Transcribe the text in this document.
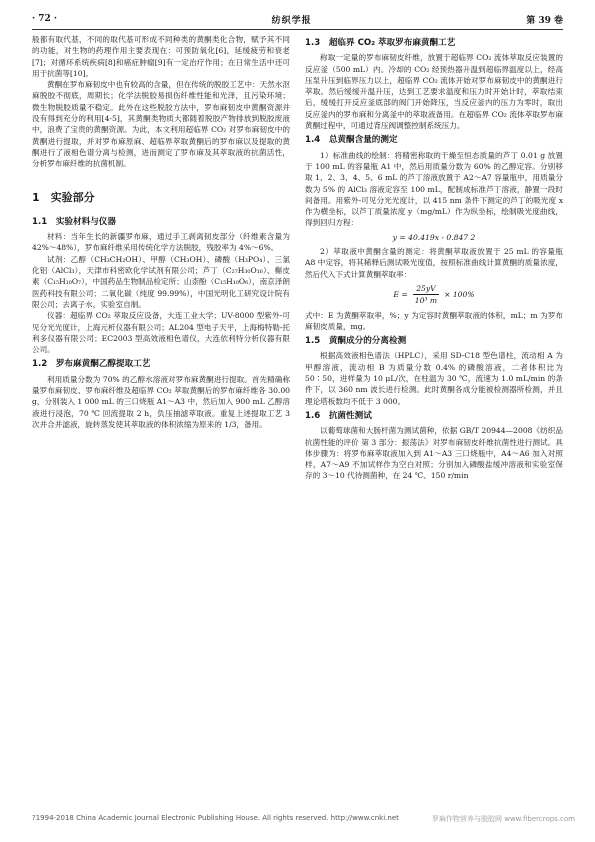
· 72 ·	纺织学报	第 39 卷

般都有取代基，不同的取代基可形成不同种类的黄酮类化合物，赋予其不同的功能，对生物的药理作用主要表现在：可预防氧化[6]，延缓疲劳和衰老[7]；对循环系统疾病[8]和癌症肿瘤[9]有一定治疗作用；在日常生活中还可用于抗菌等[10]。

黄酮在罗布麻韧皮中也有较高的含量，但在传统的脱胶工艺中：天然水沤麻脱胶不彻底，周期长；化学法脱胶易损伤纤维性能和光泽，且污染环境；微生物脱胶质量不稳定。此外在这些脱胶方法中，罗布麻韧皮中黄酮资源并没有得到充分的利用[4-5]，其黄酮类物质大都随着脱胶产物排放到脱胶废液中，浪费了宝贵的黄酮资源。为此，本文利用超临界 CO₂ 对罗布麻韧皮中的黄酮进行提取，并对罗布麻原麻、超临界萃取黄酮后的罗布麻以及提取的黄酮进行了液相色谱分离与检测，进而测定了罗布麻及其萃取液的抗菌活性，分析罗布麻纤维的抗菌机制。

1　实验部分
1.1　实验材料与仪器

材料：当年生长的新疆罗布麻，通过手工剥离韧皮部分（纤维素含量为 42%～48%），罗布麻纤维采用传统化学方法脱胶，残胶率为 4%～6%。

试剂：乙醇（CH₃CH₂OH）、甲醇（CH₃OH）、磷酸（H₃PO₄）、三氯化铝（AlCl₃），天津市科密欧化学试剂有限公司；芦丁（C₂₇H₃₀O₁₆）、槲皮素（C₁₅H₁₀O₇），中国药品生物制品检定所；山柰酚（C₁₅H₁₀O₆），南京泽朗医药科技有限公司；二氧化碳（纯度 99.99%），中国光明化工研究设计院有限公司；去离子水，实验室自制。

仪器：超临界 CO₂ 萃取反应设备，大连工业大学；UV-8000 型紫外-可见分光光度计，上海元析仪器有限公司；AL204 型电子天平，上海梅特勒-托利多仪器有限公司；EC2003 型高效液相色谱仪，大连依利特分析仪器有限公司。

1.2　罗布麻黄酮乙醇提取工艺

利用质量分数为 70% 的乙醇水溶液对罗布麻黄酮进行提取。首先精确称量罗布麻韧皮、罗布麻纤维及超临界 CO₂ 萃取黄酮后的罗布麻纤维各 30.00 g，分别装入 1 000 mL 的三口烧瓶 A1～A3 中，然后加入 900 mL 乙醇溶液进行浸泡，70 ℃ 回流提取 2 h，负压抽滤萃取液。重复上述提取工艺 3 次并合并滤液，旋转蒸发使其萃取液的体积浓缩为原来的 1/3，备用。

1.3　超临界 CO₂ 萃取罗布麻黄酮工艺

称取一定量的罗布麻韧皮纤维，放置于超临界 CO₂ 流体萃取反应装置的反应釜（500 mL）内。冷却的 CO₂ 经预热器升温到超临界温度以上，经高压泵升压到临界压力以上，超临界 CO₂ 流体开始对罗布麻韧皮中的黄酮进行萃取。然后缓缓升温升压，达到工艺要求温度和压力时开始计时，萃取结束后，缓缓打开反应釜底部的阀门开始降压，当反应釜内的压力为零时，取出反应釜内的罗布麻和分离釜中的萃取液备用。在超临界 CO₂ 流体萃取罗布麻黄酮过程中，可通过背压阀调整控制系统压力。

1.4　总黄酮含量的测定

1）标准曲线的绘制：将精密称取的干燥至恒态质量的芦丁 0.01 g 放置于 100 mL 的容量瓶 A1 中，然后用质量分数为 60% 的乙醇定容。分别移取 1、2、3、4、5、6 mL 的芦丁溶液放置于 A2～A7 容量瓶中，用质量分数为 5% 的 AlCl₃ 溶液定容至 100 mL，配制成标准芦丁溶液，静置一段时间备用。用紫外-可见分光光度计，以 415 nm 条件下测定的芦丁的吸光度 x 作为横坐标，以芦丁质量浓度 y（mg/mL）作为纵坐标，绘制吸光度曲线，得到回归方程：

y = 40.419x - 0.847 2

2）萃取液中黄酮含量的测定：将黄酮萃取液放置于 25 mL 的容量瓶 A8 中定容，将其稀释后测试吸光度值，按照标准曲线计算黄酮的质量浓度，然后代入下式计算黄酮萃取率：

$E = \frac{25yV}{\text{10³ m}} \times 100\%$

式中：E 为黄酮萃取率，%；y 为定容时黄酮萃取液的体积，mL；m 为罗布麻韧皮质量，mg。

1.5　黄酮成分的分离检测

根据高效液相色谱法（HPLC），采用 SD-C18 型色谱柱，流动相 A 为甲醇溶液，流动相 B 为质量分数 0.4% 的磷酸溶液，二者体积比为 50∶50，进样量为 10 μL/次，在柱温为 30 ℃，流速为 1.0 mL/min 的条件下，以 360 nm 波长进行检测。此时黄酮各成分能被检测器所检测，并且理论塔板数均不低于 3 000。

1.6　抗菌性测试

以葡萄球菌和大肠杆菌为测试菌种，依据 GB/T 20944—2008《纺织品 抗菌性能的评价 第 3 部分：振荡法》对罗布麻韧皮纤维抗菌性进行测试。具体步骤为：将罗布麻萃取液加入到 A1～A3 三口烧瓶中，A4～A6 加入对照样，A7～A9 不加试样作为空白对照；分别加入磷酸盐缓冲溶液和实验室保存的 3～10 代待测菌种，在 24 ℃、150 r/min

?1994-2018 China Academic Journal Electronic Publishing House. All rights reserved. http://www.cnki.net	罗麻作物营养与脱胶网 www.fibercrops.com
